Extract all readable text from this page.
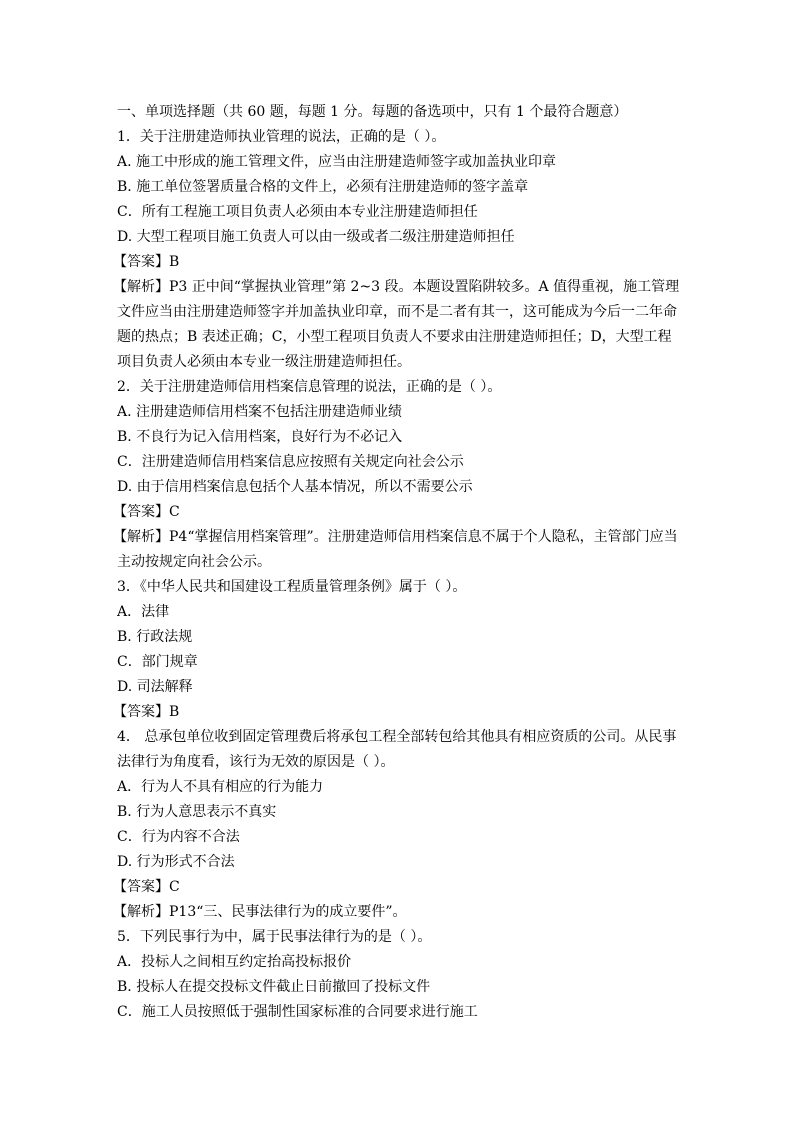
一、单项选择题（共 60 题，每题 1 分。每题的备选项中，只有 1 个最符合题意）
1．关于注册建造师执业管理的说法，正确的是（ ）。
A. 施工中形成的施工管理文件，应当由注册建造师签字或加盖执业印章
B. 施工单位签署质量合格的文件上，必须有注册建造师的签字盖章
C．所有工程施工项目负责人必须由本专业注册建造师担任
D. 大型工程项目施工负责人可以由一级或者二级注册建造师担任
【答案】B
【解析】P3 正中间“掌握执业管理”第 2~3 段。本题设置陷阱较多。A 值得重视，施工管理
文件应当由注册建造师签字并加盖执业印章，而不是二者有其一，这可能成为今后一二年命
题的热点；B 表述正确；C，小型工程项目负责人不要求由注册建造师担任；D，大型工程
项目负责人必须由本专业一级注册建造师担任。
2．关于注册建造师信用档案信息管理的说法，正确的是（ ）。
A. 注册建造师信用档案不包括注册建造师业绩
B. 不良行为记入信用档案，良好行为不必记入
C．注册建造师信用档案信息应按照有关规定向社会公示
D. 由于信用档案信息包括个人基本情况，所以不需要公示
【答案】C
【解析】P4“掌握信用档案管理”。注册建造师信用档案信息不属于个人隐私，主管部门应当
主动按规定向社会公示。
3．《中华人民共和国建设工程质量管理条例》属于（ ）。
A．法律
B. 行政法规
C．部门规章
D. 司法解释
【答案】B
4． 总承包单位收到固定管理费后将承包工程全部转包给其他具有相应资质的公司。从民事
法律行为角度看，该行为无效的原因是（ ）。
A．行为人不具有相应的行为能力
B. 行为人意思表示不真实
C．行为内容不合法
D. 行为形式不合法
【答案】C
【解析】P13“三、民事法律行为的成立要件”。
5．下列民事行为中，属于民事法律行为的是（ ）。
A．投标人之间相互约定抬高投标报价
B. 投标人在提交投标文件截止日前撤回了投标文件
C．施工人员按照低于强制性国家标准的合同要求进行施工
